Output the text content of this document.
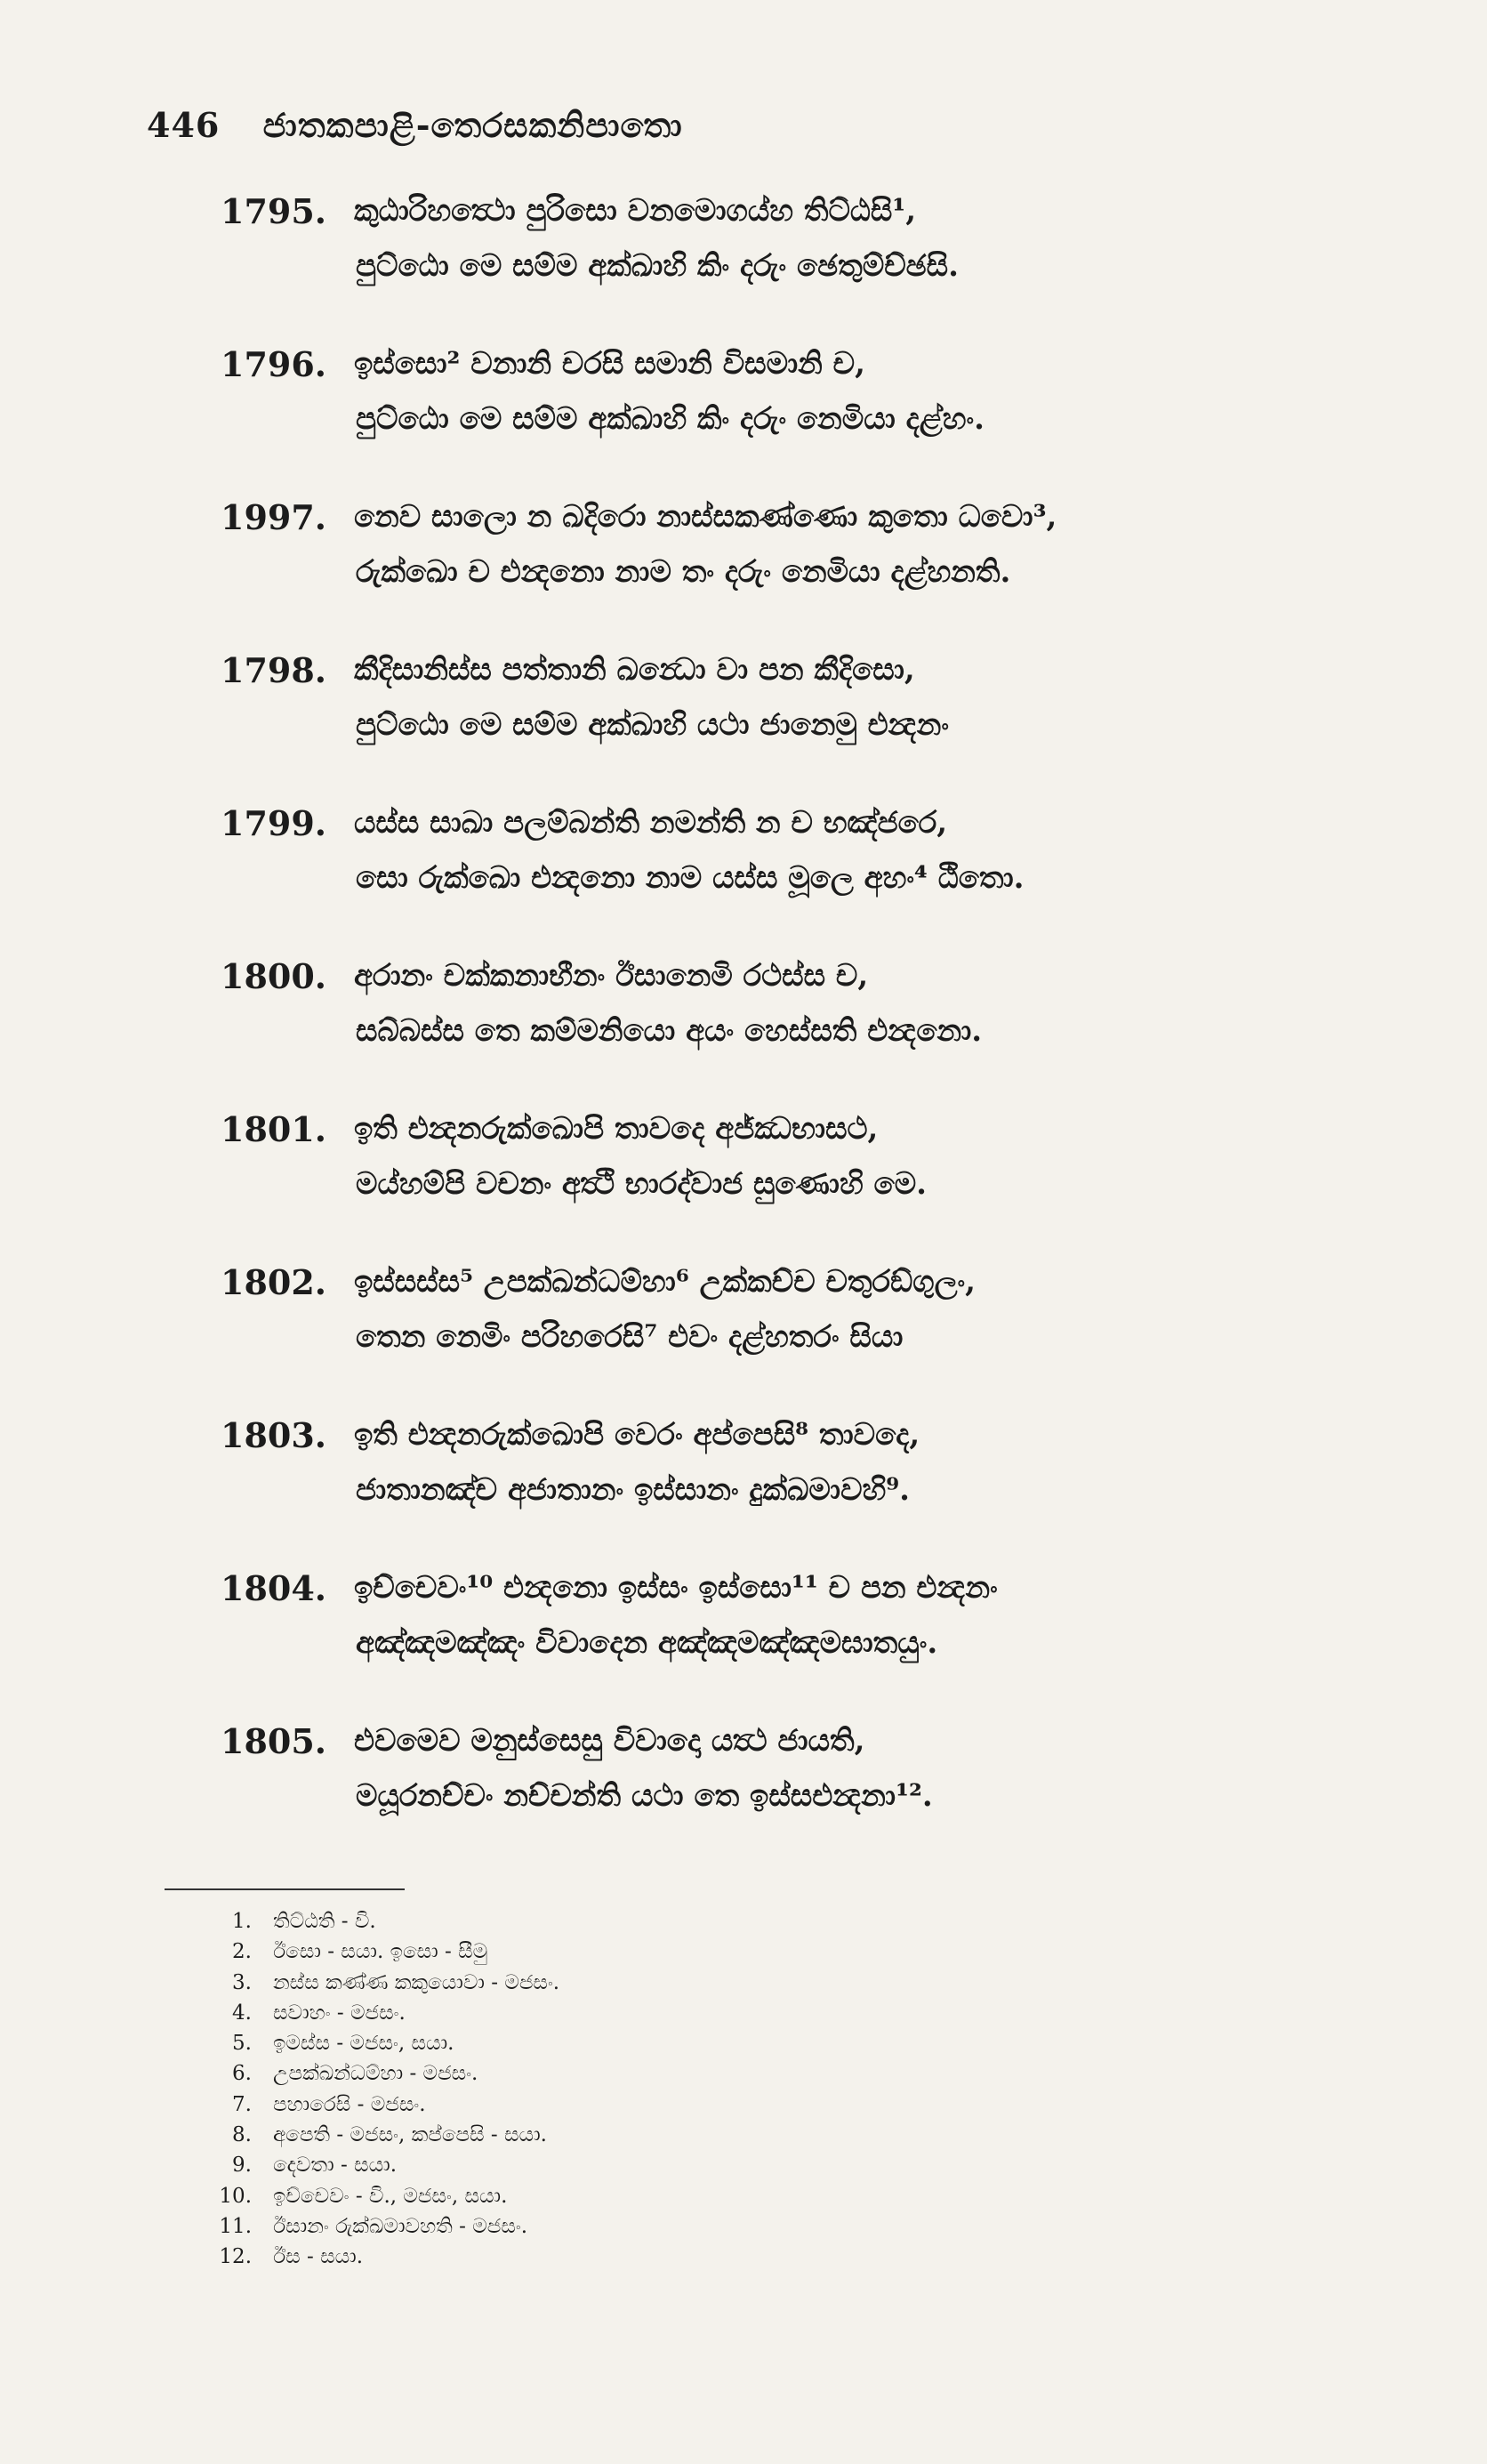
446 ජාතකපාළි-තෙරසකනිපාතො
1795. කුඨාරිහත්‍ථො පුරිසො වනමොගය්‍හ තිට්ඨසි¹,
පුට්ඨො මෙ සම්ම අක්‍ඛාහි කිං දරුං ඡෙතුම්ච්ඡසි.
1796. ඉස්සො² වනානි චරසි සමානි විසමානි ච,
පුට්ඨො මෙ සම්ම අක්‍ඛාහි කිං දරුං නෙමියා දළ්හං.
1997. නෙව සාලො න ඛදිරො නාස්සකණ්ණො කුතො ධවො³,
රුක්‍ඛො ච එන්‍දනො නාම තං දරුං නෙමියා දළ්හනති.
1798. කීදිසානිස්ස පත්තානි ඛන්‍ධො වා පන කීදිසො,
පුට්ඨො මෙ සම්ම අක්‍ඛාහි යථා ජානෙමු එන්‍දනං
1799. යස්ස සාඛා පලම්බන්ති නමන්ති න ච භඤ්ජරෙ,
සො රුක්‍ඛො එන්‍දනො නාම යස්ස මූලෙ අහං⁴ ඨිතො.
1800. අරානං චක්කනාභීනං ඊසානෙමි රථස්ස ච,
සබ්බස්ස තෙ කම්මනියො අයං හෙස්සති එන්‍දනො.
1801. ඉති එන්‍දනරුක්‍ඛොපි තාවදෙ අජ්ඣභාසථ,
මය්හම්පි වචනං අත්‍ථි භාරද්වාජ සුණොහි මෙ.
1802. ඉස්සස්ස⁵ උපක්ඛන්ධම්හා⁶ උක්කච්ච චතුරඞ්ගුලං,
තෙන නෙමිං පරිහරෙසි⁷ එවං දළ්හතරං සියා
1803. ඉති එන්‍දනරුක්‍ඛොපි වෙරං අප්පෙසි⁸ තාවදෙ,
ජාතානඤ්ච අජාතානං ඉස්සානං දුක්ඛමාවහි⁹.
1804. ඉච්චෙවං¹⁰ එන්‍දනො ඉස්සං ඉස්සො¹¹ ච පන එන්‍දනං
අඤ්ඤමඤ්ඤං විවාදෙන අඤ්ඤමඤ්ඤමඝාතයුං.
1805. එවමෙව මනුස්සෙසු විවාදො යත්‍ථ ජායති,
මයූරනච්චං නච්චන්ති යථා තෙ ඉස්සඑන්‍දනා¹².
1. තිට්ඨති - වි.
2. ඊසො - සයා. ඉසො - සීමු
3. නස්ස කණ්ණ කකුයොවා - මජසං.
4. සවාහං - මජසං.
5. ඉමස්ස - මජසං, සයා.
6. උපක්ඛන්ධම්හා - මජසං.
7. පහාරෙසි - මජසං.
8. අපෙති - මජසං, කප්පෙසි - සයා.
9. දෙවතා - සයා.
10. ඉච්චෙවං - වි., මජසං, සයා.
11. ඊසානං රුක්ඛමාවහති - මජසං.
12. ඊස - සයා.
